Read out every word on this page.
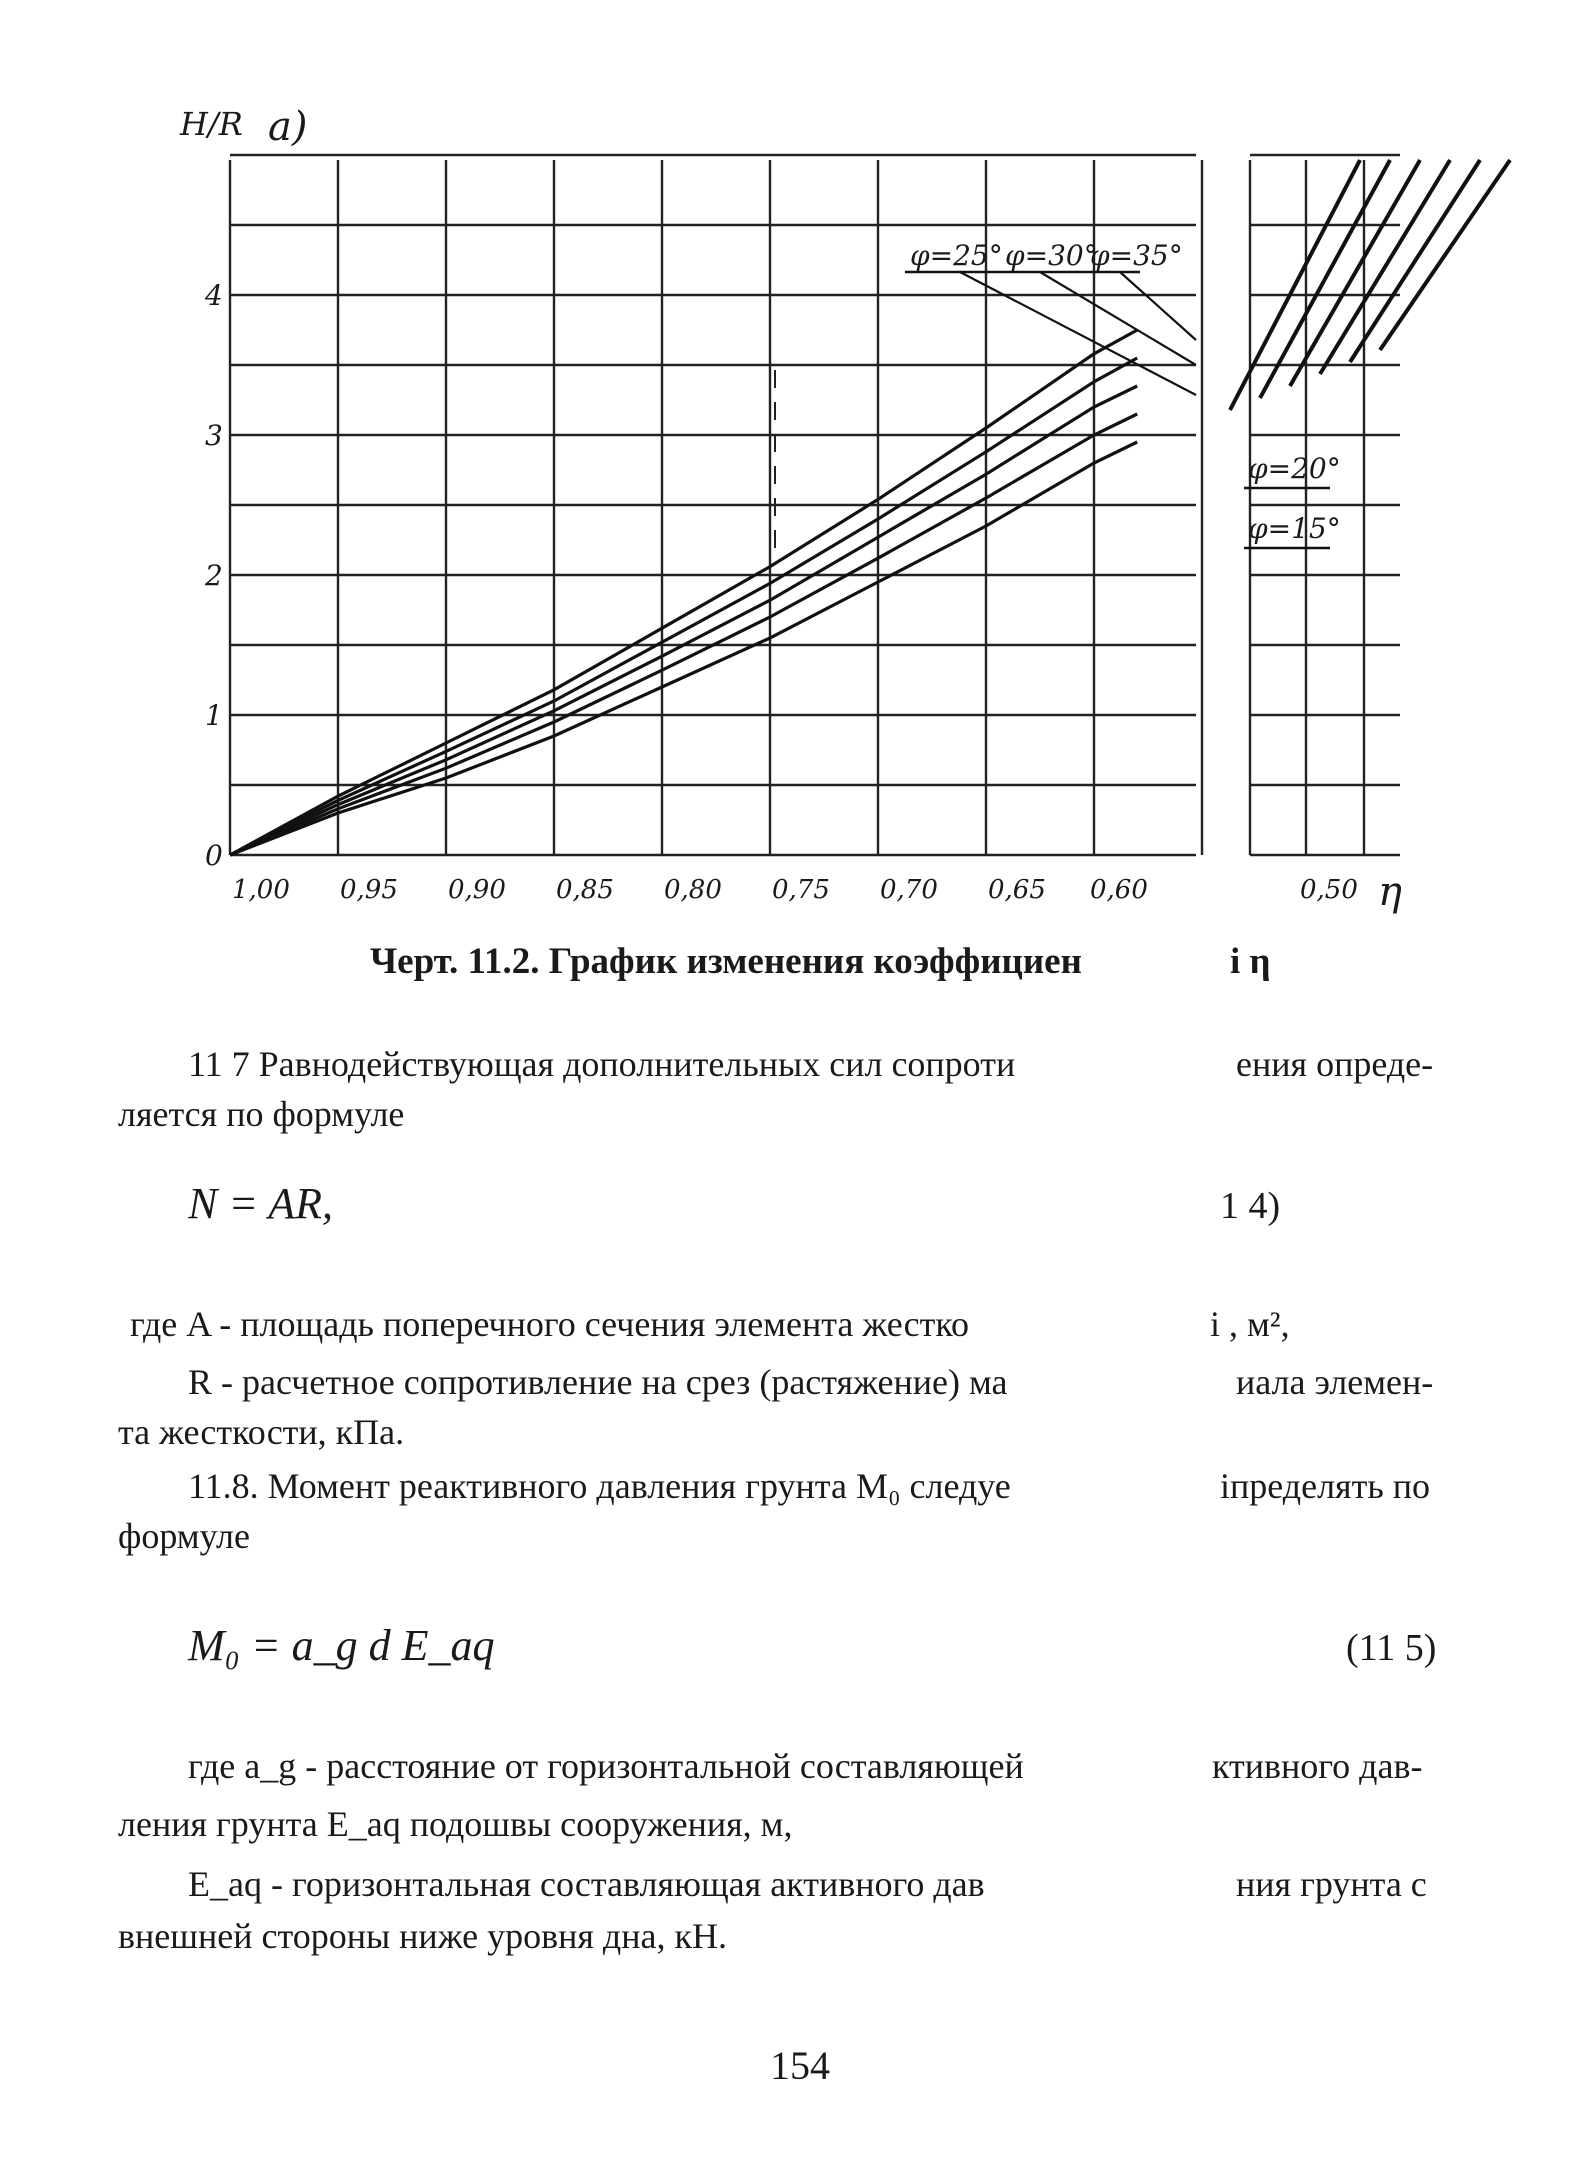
0
1
2
3
4
1,00 0,95 0,90 0,85 0,80 0,75 0,70 0,65 0,60	0,50
a)
H/R
η
φ=25° φ=30°
φ=35°
φ=20°
φ=15°
Черт. 11.2. График изменения коэффициен	і η
11 7 Равнодействующая дополнительных сил сопроти	ения опреде-
ляется по формуле
N = AR,	1 4)
где A - площадь поперечного сечения элемента жестко	і , м²,
R - расчетное сопротивление на срез (растяжение) ма	иала элемен-
та жесткости, кПа.
11.8. Момент реактивного давления грунта M₀ следуе	іпределять по
формуле
M₀ = a_g d E_aq	(11 5)
где a_g - расстояние от горизонтальной составляющей	ктивного дав-
ления грунта E_aq подошвы сооружения, м,
E_aq - горизонтальная составляющая активного дав	ния грунта с
внешней стороны ниже уровня дна, кН.
154
